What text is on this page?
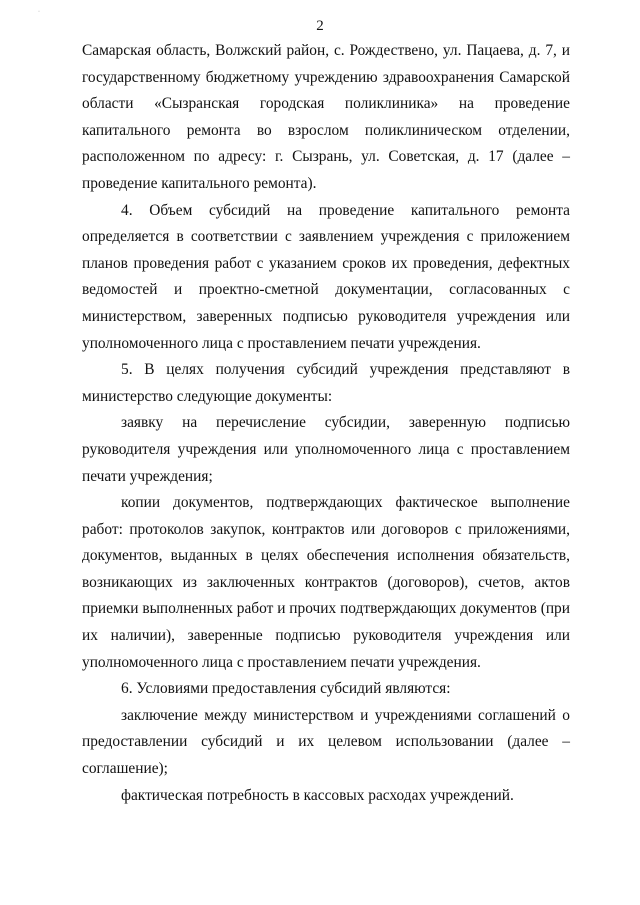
·
2

Самарская область, Волжский район, с. Рождествено, ул. Пацаева, д. 7, и государственному бюджетному учреждению здравоохранения Самарской области «Сызранская городская поликлиника» на проведение капитального ремонта во взрослом поликлиническом отделении, расположенном по адресу: г. Сызрань, ул. Советская, д. 17 (далее – проведение капитального ремонта).

4. Объем субсидий на проведение капитального ремонта определяется в соответствии с заявлением учреждения с приложением планов проведения работ с указанием сроков их проведения, дефектных ведомостей и проектно-сметной документации, согласованных с министерством, заверенных подписью руководителя учреждения или уполномоченного лица с проставлением печати учреждения.

5. В целях получения субсидий учреждения представляют в министерство следующие документы:

заявку на перечисление субсидии, заверенную подписью руководителя учреждения или уполномоченного лица с проставлением печати учреждения;

копии документов, подтверждающих фактическое выполнение работ: протоколов закупок, контрактов или договоров с приложениями, документов, выданных в целях обеспечения исполнения обязательств, возникающих из заключенных контрактов (договоров), счетов, актов приемки выполненных работ и прочих подтверждающих документов (при их наличии), заверенные подписью руководителя учреждения или уполномоченного лица с проставлением печати учреждения.

6. Условиями предоставления субсидий являются:

заключение между министерством и учреждениями соглашений о предоставлении субсидий и их целевом использовании (далее – соглашение);

фактическая потребность в кассовых расходах учреждений.
